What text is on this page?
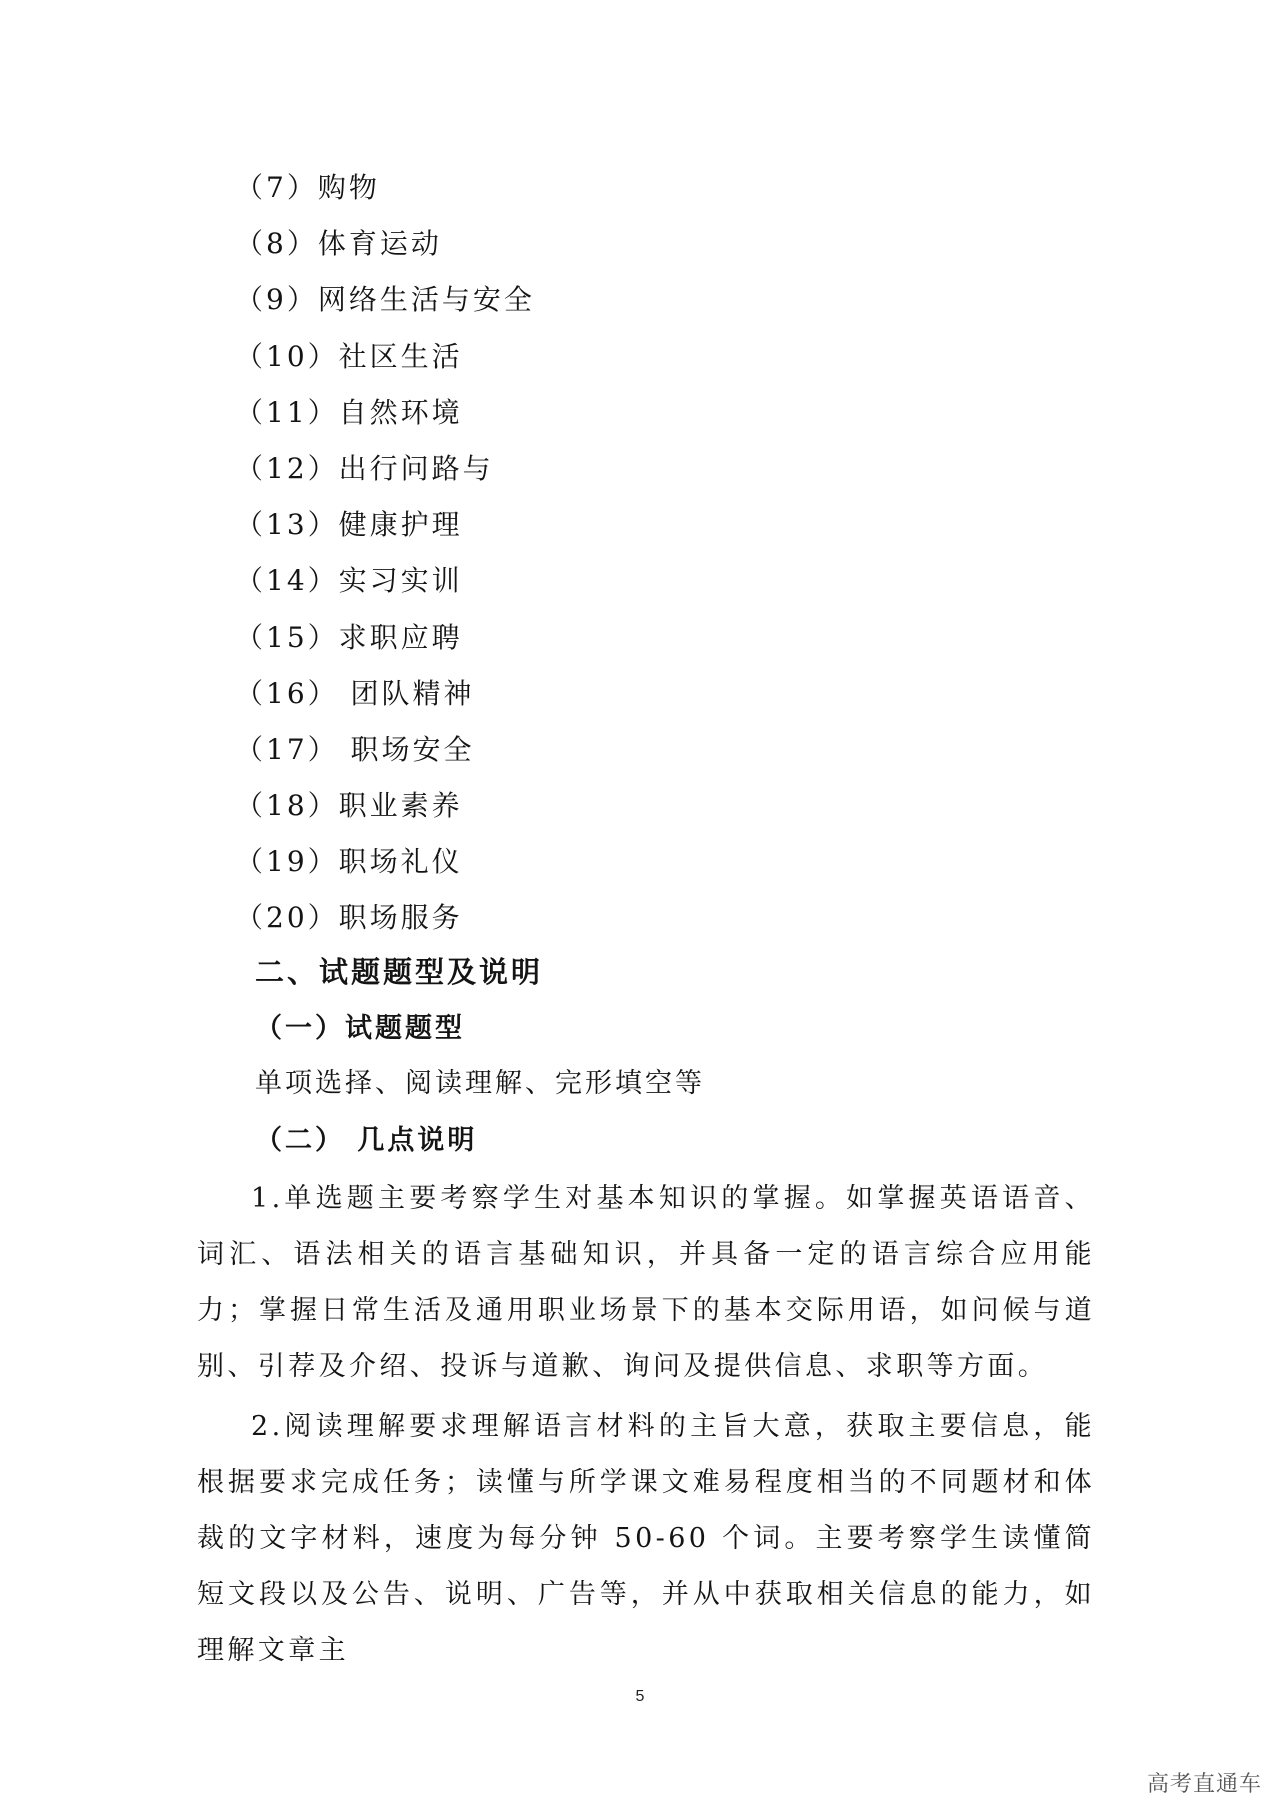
（7）购物
（8）体育运动
（9）网络生活与安全
（10）社区生活
（11）自然环境
（12）出行问路与
（13）健康护理
（14）实习实训
（15）求职应聘
（16） 团队精神
（17） 职场安全
（18）职业素养
（19）职场礼仪
（20）职场服务
二、试题题型及说明
（一）试题题型

单项选择、阅读理解、完形填空等

（二） 几点说明

1.单选题主要考察学生对基本知识的掌握。如掌握英语语音、词汇、语法相关的语言基础知识，并具备一定的语言综合应用能力；掌握日常生活及通用职业场景下的基本交际用语，如问候与道别、引荐及介绍、投诉与道歉、询问及提供信息、求职等方面。

2.阅读理解要求理解语言材料的主旨大意，获取主要信息，能根据要求完成任务；读懂与所学课文难易程度相当的不同题材和体裁的文字材料，速度为每分钟 50-60 个词。主要考察学生读懂简短文段以及公告、说明、广告等，并从中获取相关信息的能力，如理解文章主

5
高考直通车
